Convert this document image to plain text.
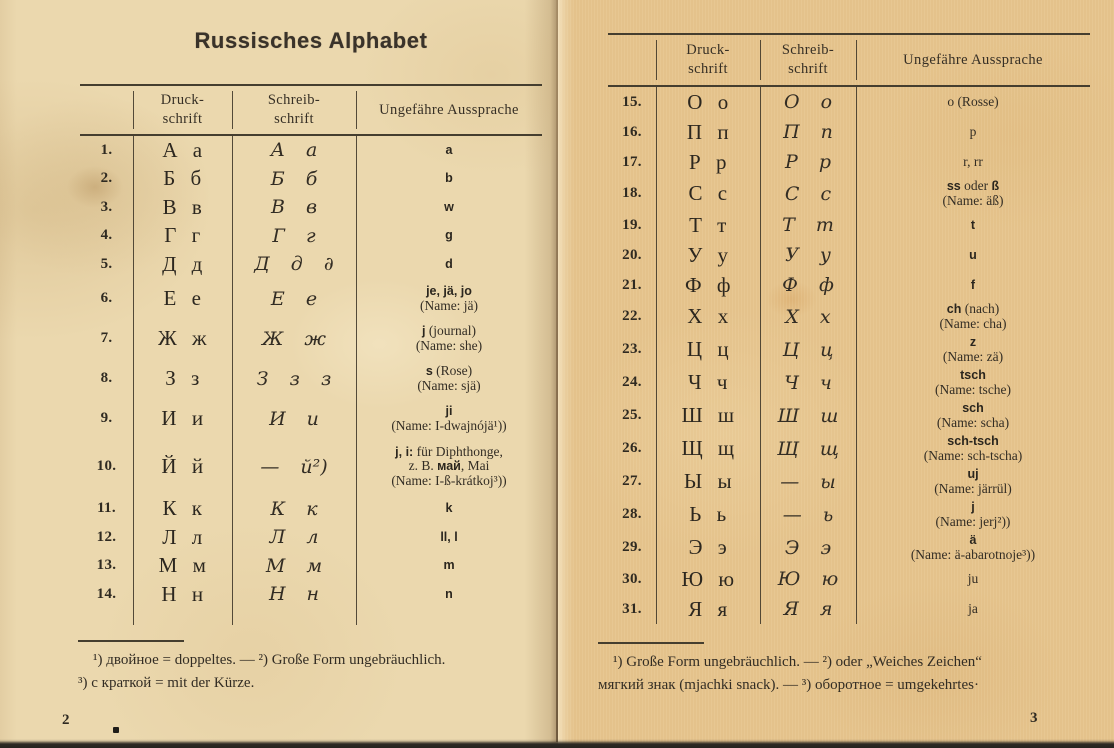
Russisches Alphabet
Druck-
schrift
Schreib-
schrift
Ungefähre Aussprache
1.	А а	А а	a
2.	Б б	Б б	b
3.	В в	В в	w
4.	Г г	Г г	g
5.	Д д	Д д ∂	d
6.	Е е	Е е	je, jä, jo
(Name: jä)
7.	Ж ж	Ж ж	j (journal)
(Name: she)
8.	З з	З з з	s (Rose)
(Name: sjä)
9.	И и	И и	ji
(Name: I-dwajnójä¹))
10.	Й й	— й²)
j, i: für Diphthonge,
z. B. май, Mai
(Name: I-ß-krátkoj³))
11.	К к	К к	k
12.	Л л	Л л	ll, l
13.	М м	М м	m
14.	Н н	Н н	n
¹) двойное = doppeltes. — ²) Große Form ungebräuchlich.
³) с краткой = mit der Kürze.
2
Druck-
schrift
Schreib-
schrift
Ungefähre Aussprache
15.	О о	О о	o (Rosse)
16.	П п	П п	p
17.	Р р	Р р	r, rr
18.	С с	С с	ss oder ß
(Name: äß)
19.	Т т	Т т	t
20.	У у	У у	u
21.	Ф ф	Ф ф	f
22.	Х х	Х х	ch (nach)
(Name: cha)
23.	Ц ц	Ц ц	z
(Name: zä)
24.	Ч ч	Ч ч	tsch
(Name: tsche)
25.	Ш ш	Ш ш	sch
(Name: scha)
26.	Щ щ	Щ щ	sch-tsch
(Name: sch-tscha)
27.	Ы ы	— ы	uj
(Name: järrül)
28.	Ь ь	— ь	j
(Name: jerj²))
29.	Э э	Э э	ä
(Name: ä-abarotnoje³))
30.	Ю ю	Ю ю	ju
31.	Я я	Я я	ja
¹) Große Form ungebräuchlich. — ²) oder „Weiches Zeichen“
мягкий знак (mjachki snack). — ³) оборотное = umgekehrtes·
3
